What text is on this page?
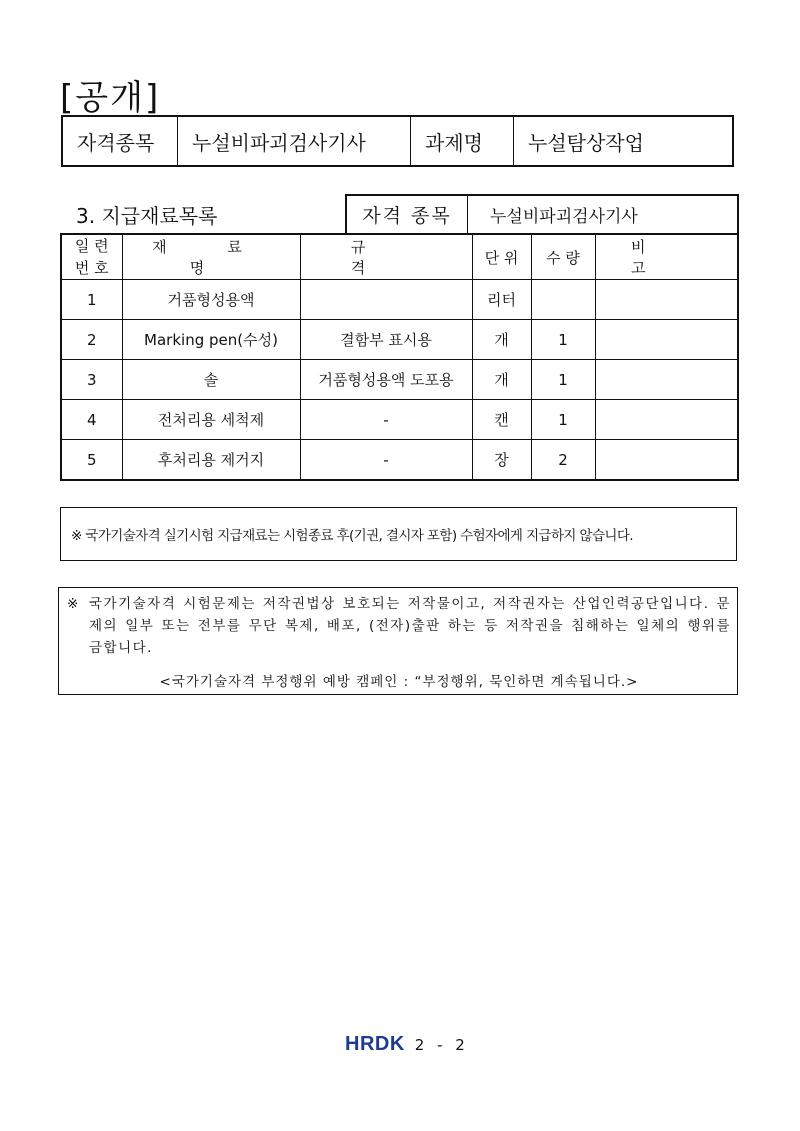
[공개]
자격종목	누설비파괴검사기사	과제명	누설탐상작업
3. 지급재료목록	자격 종목	누설비파괴검사기사
일 련
번 호	재 료 명	규 격	단 위	수 량	비 고
1	거품형성용액		리터		
2	Marking pen(수성)	결함부 표시용	개	1	
3	솔	거품형성용액 도포용	개	1	
4	전처리용 세척제	-	캔	1	
5	후처리용 제거지	-	장	2	
※ 국가기술자격 실기시험 지급재료는 시험종료 후(기권, 결시자 포함) 수험자에게 지급하지 않습니다.
※ 국가기술자격 시험문제는 저작권법상 보호되는 저작물이고, 저작권자는 산업인력공단입니다. 문제의 일부 또는 전부를 무단 복제, 배포, (전자)출판 하는 등 저작권을 침해하는 일체의 행위를 금합니다.
<국가기술자격 부정행위 예방 캠페인 : “부정행위, 묵인하면 계속됩니다.>
HRDK 2 - 2
